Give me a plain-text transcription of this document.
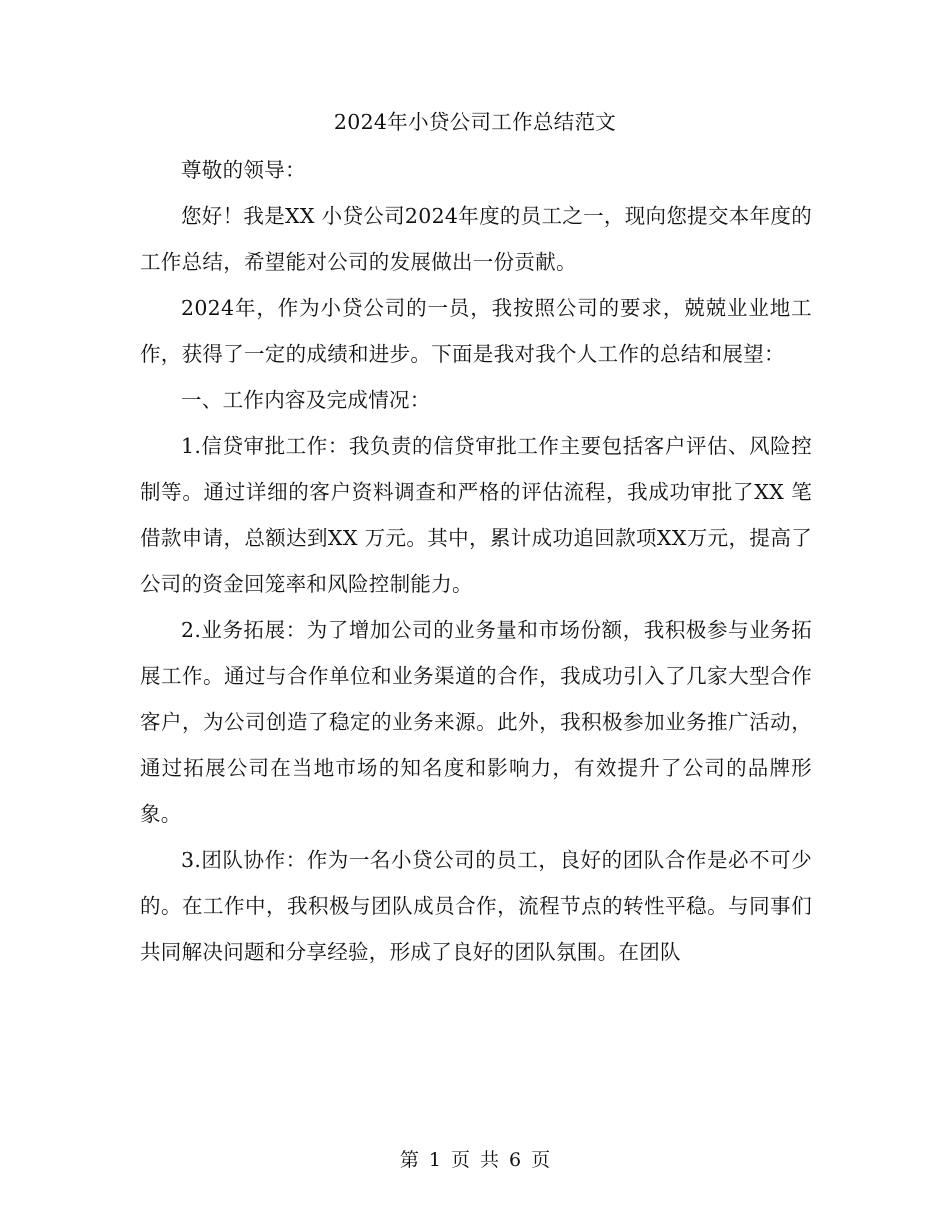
2024年小贷公司工作总结范文

尊敬的领导：

您好！我是XX 小贷公司2024年度的员工之一，现向您提交本年度的工作总结，希望能对公司的发展做出一份贡献。

2024年，作为小贷公司的一员，我按照公司的要求，兢兢业业地工作，获得了一定的成绩和进步。下面是我对我个人工作的总结和展望：

一、工作内容及完成情况：

1.信贷审批工作：我负责的信贷审批工作主要包括客户评估、风险控制等。通过详细的客户资料调查和严格的评估流程，我成功审批了XX 笔借款申请，总额达到XX 万元。其中，累计成功追回款项XX万元，提高了公司的资金回笼率和风险控制能力。

2.业务拓展：为了增加公司的业务量和市场份额，我积极参与业务拓展工作。通过与合作单位和业务渠道的合作，我成功引入了几家大型合作客户，为公司创造了稳定的业务来源。此外，我积极参加业务推广活动，通过拓展公司在当地市场的知名度和影响力，有效提升了公司的品牌形象。

3.团队协作：作为一名小贷公司的员工，良好的团队合作是必不可少的。在工作中，我积极与团队成员合作，流程节点的转性平稳。与同事们共同解决问题和分享经验，形成了良好的团队氛围。在团队

第 1 页 共 6 页
